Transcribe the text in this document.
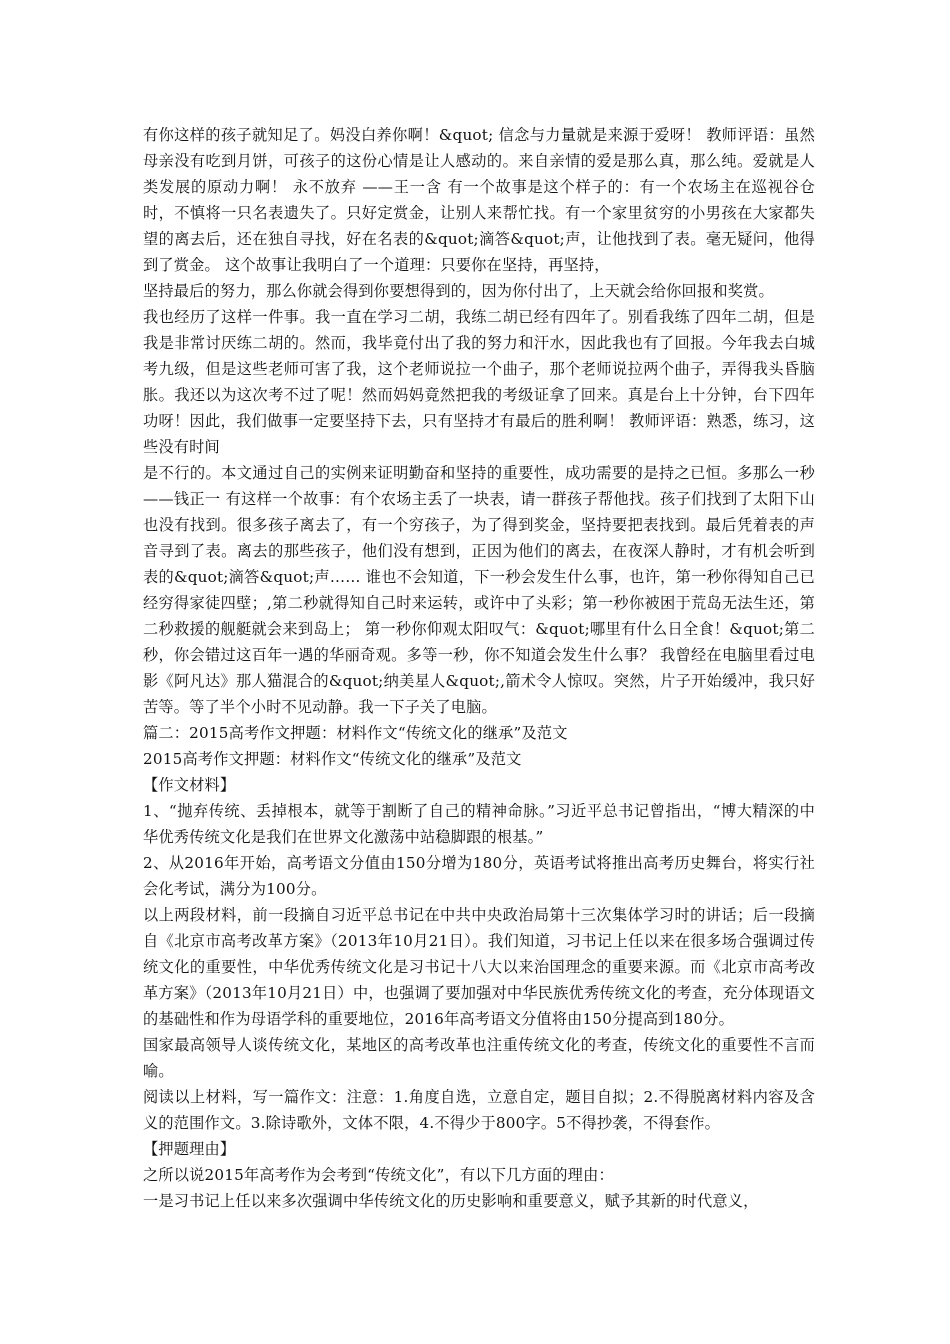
有你这样的孩子就知足了。妈没白养你啊！&quot; 信念与力量就是来源于爱呀！ 教师评语：虽然母亲没有吃到月饼，可孩子的这份心情是让人感动的。来自亲情的爱是那么真，那么纯。爱就是人类发展的原动力啊！ 永不放弃 ——王一含 有一个故事是这个样子的：有一个农场主在巡视谷仓时，不慎将一只名表遗失了。只好定赏金，让别人来帮忙找。有一个家里贫穷的小男孩在大家都失望的离去后，还在独自寻找，好在名表的&quot;滴答&quot;声，让他找到了表。毫无疑问，他得到了赏金。 这个故事让我明白了一个道理：只要你在坚持，再坚持，

坚持最后的努力，那么你就会得到你要想得到的，因为你付出了，上天就会给你回报和奖赏。

我也经历了这样一件事。我一直在学习二胡，我练二胡已经有四年了。别看我练了四年二胡，但是我是非常讨厌练二胡的。然而，我毕竟付出了我的努力和汗水，因此我也有了回报。今年我去白城考九级，但是这些老师可害了我，这个老师说拉一个曲子，那个老师说拉两个曲子，弄得我头昏脑胀。我还以为这次考不过了呢！然而妈妈竟然把我的考级证拿了回来。真是台上十分钟，台下四年功呀！因此，我们做事一定要坚持下去，只有坚持才有最后的胜利啊！ 教师评语：熟悉，练习，这些没有时间

是不行的。本文通过自己的实例来证明勤奋和坚持的重要性，成功需要的是持之已恒。多那么一秒 ——钱正一 有这样一个故事：有个农场主丢了一块表，请一群孩子帮他找。孩子们找到了太阳下山也没有找到。很多孩子离去了，有一个穷孩子，为了得到奖金，坚持要把表找到。最后凭着表的声音寻到了表。离去的那些孩子，他们没有想到，正因为他们的离去，在夜深人静时，才有机会听到 表的&quot;滴答&quot;声…… 谁也不会知道，下一秒会发生什么事，也许，第一秒你得知自己已经穷得家徒四壁；,第二秒就得知自己时来运转，或许中了头彩；第一秒你被困于荒岛无法生还，第二秒救援的舰艇就会来到岛上； 第一秒你仰观太阳叹气：&quot;哪里有什么日全食！&quot;第二秒，你会错过这百年一遇的华丽奇观。多等一秒，你不知道会发生什么事？ 我曾经在电脑里看过电影《阿凡达》那人猫混合的&quot;纳美星人&quot;,箭术令人惊叹。突然，片子开始缓冲，我只好苦等。等了半个小时不见动静。我一下子关了电脑。

篇二：2015高考作文押题：材料作文“传统文化的继承”及范文

2015高考作文押题：材料作文“传统文化的继承”及范文

【作文材料】

1、“抛弃传统、丢掉根本，就等于割断了自己的精神命脉。”习近平总书记曾指出，“博大精深的中华优秀传统文化是我们在世界文化激荡中站稳脚跟的根基。”

2、从2016年开始，高考语文分值由150分增为180分，英语考试将推出高考历史舞台，将实行社会化考试，满分为100分。

以上两段材料，前一段摘自习近平总书记在中共中央政治局第十三次集体学习时的讲话；后一段摘自《北京市高考改革方案》（2013年10月21日）。我们知道，习书记上任以来在很多场合强调过传统文化的重要性，中华优秀传统文化是习书记十八大以来治国理念的重要来源。而《北京市高考改革方案》（2013年10月21日）中，也强调了要加强对中华民族优秀传统文化的考查，充分体现语文的基础性和作为母语学科的重要地位，2016年高考语文分值将由150分提高到180分。

国家最高领导人谈传统文化，某地区的高考改革也注重传统文化的考查，传统文化的重要性不言而喻。

阅读以上材料，写一篇作文：注意：1.角度自选，立意自定，题目自拟；2.不得脱离材料内容及含义的范围作文。3.除诗歌外，文体不限，4.不得少于800字。5不得抄袭，不得套作。

【押题理由】

之所以说2015年高考作为会考到“传统文化”，有以下几方面的理由：

一是习书记上任以来多次强调中华传统文化的历史影响和重要意义，赋予其新的时代意义，
